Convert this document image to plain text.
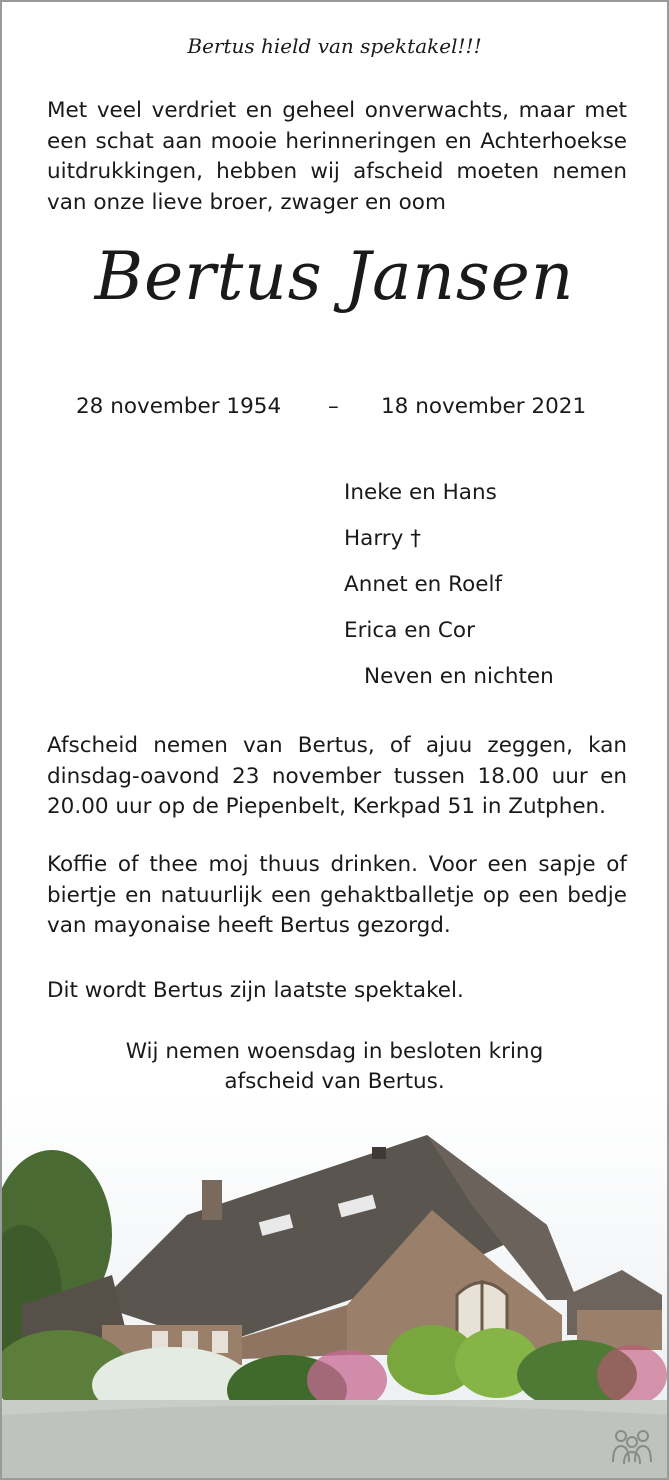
Bertus hield van spektakel!!!
Met veel verdriet en geheel onverwachts, maar met een schat aan mooie herinneringen en Achterhoekse uitdrukkingen, hebben wij afscheid moeten nemen van onze lieve broer, zwager en oom
Bertus Jansen
28 november 1954 – 18 november 2021
Ineke en Hans
Harry †
Annet en Roelf
Erica en Cor
Neven en nichten
Afscheid nemen van Bertus, of ajuu zeggen, kan dinsdag-oavond 23 november tussen 18.00 uur en 20.00 uur op de Piepenbelt, Kerkpad 51 in Zutphen.
Koffie of thee moj thuus drinken. Voor een sapje of biertje en natuurlijk een gehaktballetje op een bedje van mayonaise heeft Bertus gezorgd.
Dit wordt Bertus zijn laatste spektakel.
Wij nemen woensdag in besloten kring
afscheid van Bertus.
